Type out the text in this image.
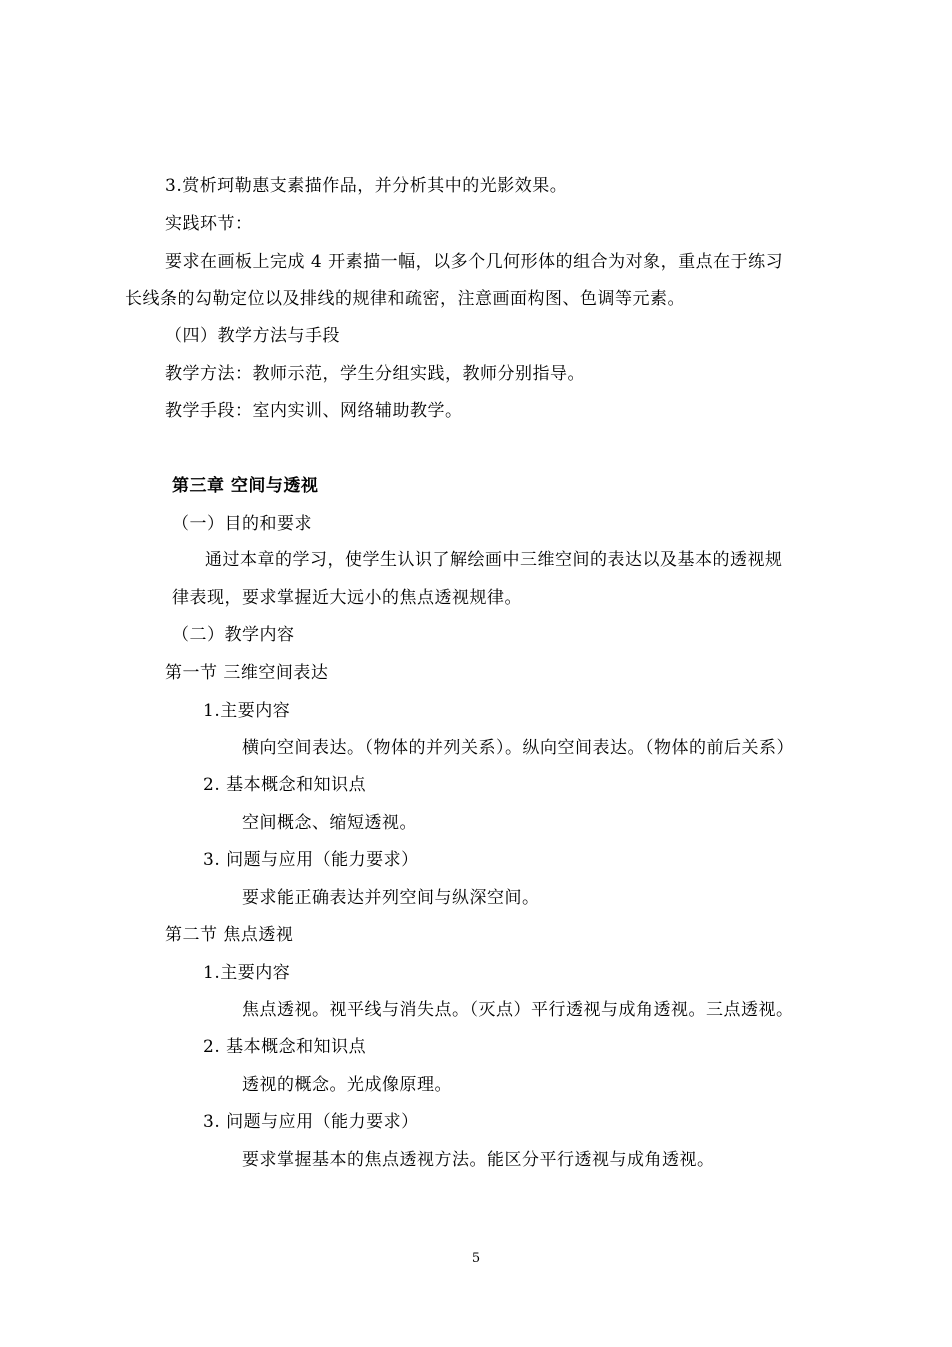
3.赏析珂勒惠支素描作品，并分析其中的光影效果。
实践环节：
要求在画板上完成 4 开素描一幅，以多个几何形体的组合为对象，重点在于练习
长线条的勾勒定位以及排线的规律和疏密，注意画面构图、色调等元素。
（四）教学方法与手段
教学方法：教师示范，学生分组实践，教师分别指导。
教学手段：室内实训、网络辅助教学。
第三章 空间与透视
（一）目的和要求
通过本章的学习，使学生认识了解绘画中三维空间的表达以及基本的透视规
律表现，要求掌握近大远小的焦点透视规律。
（二）教学内容
第一节 三维空间表达
1.主要内容
横向空间表达。（物体的并列关系）。纵向空间表达。（物体的前后关系）
2. 基本概念和知识点
空间概念、缩短透视。
3. 问题与应用（能力要求）
要求能正确表达并列空间与纵深空间。
第二节 焦点透视
1.主要内容
焦点透视。视平线与消失点。（灭点）平行透视与成角透视。三点透视。
2. 基本概念和知识点
透视的概念。光成像原理。
3. 问题与应用（能力要求）
要求掌握基本的焦点透视方法。能区分平行透视与成角透视。
5
